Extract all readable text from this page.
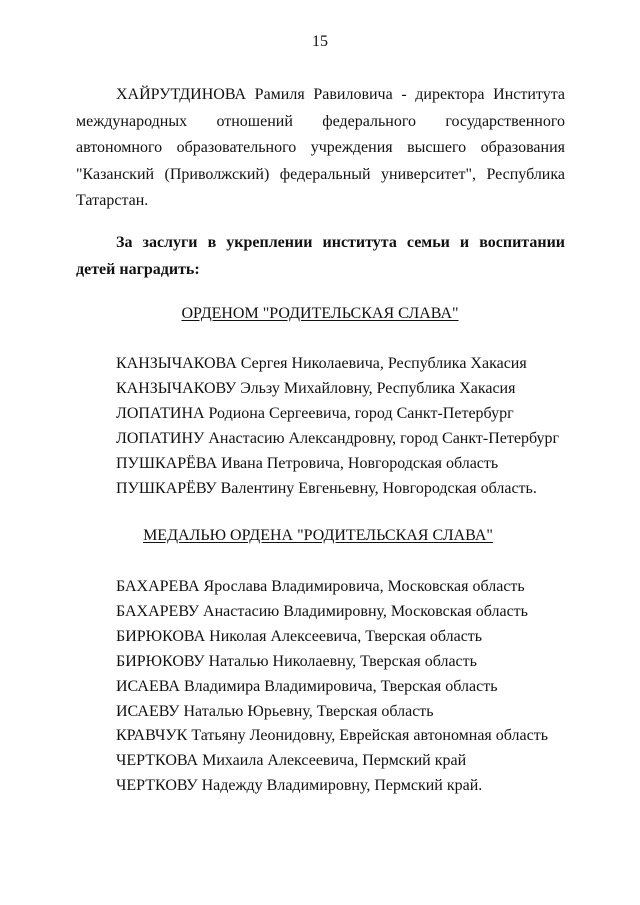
15
ХАЙРУТДИНОВА Рамиля Равиловича - директора Института
международных отношений федерального государственного
автономного образовательного учреждения высшего образования
"Казанский (Приволжский) федеральный университет", Республика
Татарстан.
За заслуги в укреплении института семьи и воспитании
детей наградить:
ОРДЕНОМ "РОДИТЕЛЬСКАЯ СЛАВА"
КАНЗЫЧАКОВА Сергея Николаевича, Республика Хакасия
КАНЗЫЧАКОВУ Эльзу Михайловну, Республика Хакасия
ЛОПАТИНА Родиона Сергеевича, город Санкт-Петербург
ЛОПАТИНУ Анастасию Александровну, город Санкт-Петербург
ПУШКАРЁВА Ивана Петровича, Новгородская область
ПУШКАРЁВУ Валентину Евгеньевну, Новгородская область.
МЕДАЛЬЮ ОРДЕНА "РОДИТЕЛЬСКАЯ СЛАВА"
БАХАРЕВА Ярослава Владимировича, Московская область
БАХАРЕВУ Анастасию Владимировну, Московская область
БИРЮКОВА Николая Алексеевича, Тверская область
БИРЮКОВУ Наталью Николаевну, Тверская область
ИСАЕВА Владимира Владимировича, Тверская область
ИСАЕВУ Наталью Юрьевну, Тверская область
КРАВЧУК Татьяну Леонидовну, Еврейская автономная область
ЧЕРТКОВА Михаила Алексеевича, Пермский край
ЧЕРТКОВУ Надежду Владимировну, Пермский край.
